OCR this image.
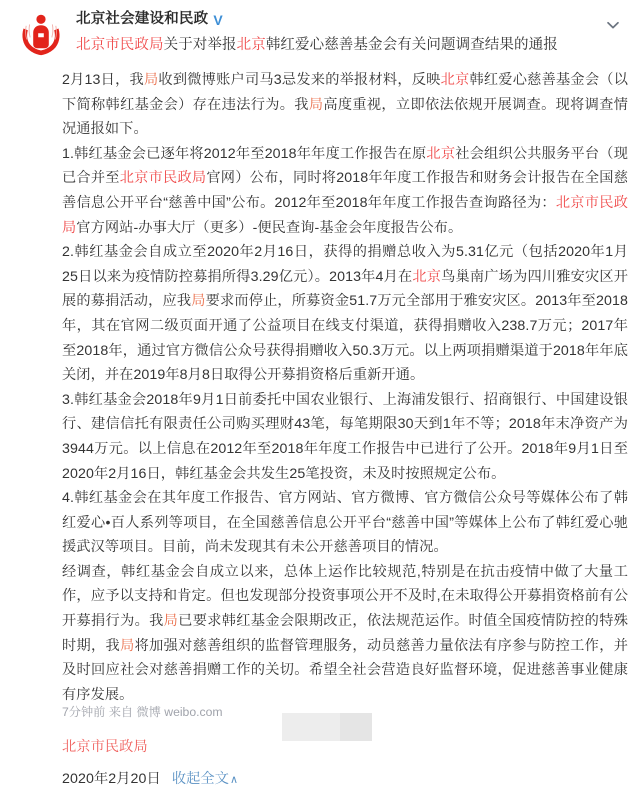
北京社会建设和民政 V
北京市民政局关于对举报北京韩红爱心慈善基金会有关问题调查结果的通报
2月13日，我局收到微博账户司马3忌发来的举报材料，反映北京韩红爱心慈善基金会（以下简称韩红基金会）存在违法行为。我局高度重视，立即依法依规开展调查。现将调查情况通报如下。
1.韩红基金会已逐年将2012年至2018年年度工作报告在原北京社会组织公共服务平台（现已合并至北京市民政局官网）公布，同时将2018年年度工作报告和财务会计报告在全国慈善信息公开平台“慈善中国”公布。2012年至2018年年度工作报告查询路径为：北京市民政局官方网站-办事大厅（更多）-便民查询-基金会年度报告公布。
2.韩红基金会自成立至2020年2月16日，获得的捐赠总收入为5.31亿元（包括2020年1月25日以来为疫情防控募捐所得3.29亿元）。2013年4月在北京鸟巢南广场为四川雅安灾区开展的募捐活动，应我局要求而停止，所募资金51.7万元全部用于雅安灾区。2013年至2018年，其在官网二级页面开通了公益项目在线支付渠道，获得捐赠收入238.7万元；2017年至2018年，通过官方微信公众号获得捐赠收入50.3万元。以上两项捐赠渠道于2018年年底关闭，并在2019年8月8日取得公开募捐资格后重新开通。
3.韩红基金会2018年9月1日前委托中国农业银行、上海浦发银行、招商银行、中国建设银行、建信信托有限责任公司购买理财43笔，每笔期限30天到1年不等；2018年末净资产为3944万元。以上信息在2012年至2018年年度工作报告中已进行了公开。2018年9月1日至2020年2月16日，韩红基金会共发生25笔投资，未及时按照规定公布。
4.韩红基金会在其年度工作报告、官方网站、官方微博、官方微信公众号等媒体公布了韩红爱心•百人系列等项目，在全国慈善信息公开平台“慈善中国”等媒体上公布了韩红爱心驰援武汉等项目。目前，尚未发现其有未公开慈善项目的情况。
经调查，韩红基金会自成立以来，总体上运作比较规范,特别是在抗击疫情中做了大量工作，应予以支持和肯定。但也发现部分投资事项公开不及时,在未取得公开募捐资格前有公开募捐行为。我局已要求韩红基金会限期改正，依法规范运作。时值全国疫情防控的特殊时期，我局将加强对慈善组织的监督管理服务，动员慈善力量依法有序参与防控工作，并及时回应社会对慈善捐赠工作的关切。希望全社会营造良好监督环境，促进慈善事业健康有序发展。
北京市民政局
2020年2月20日 收起全文∧
7分钟前 来自 微博 weibo.com
